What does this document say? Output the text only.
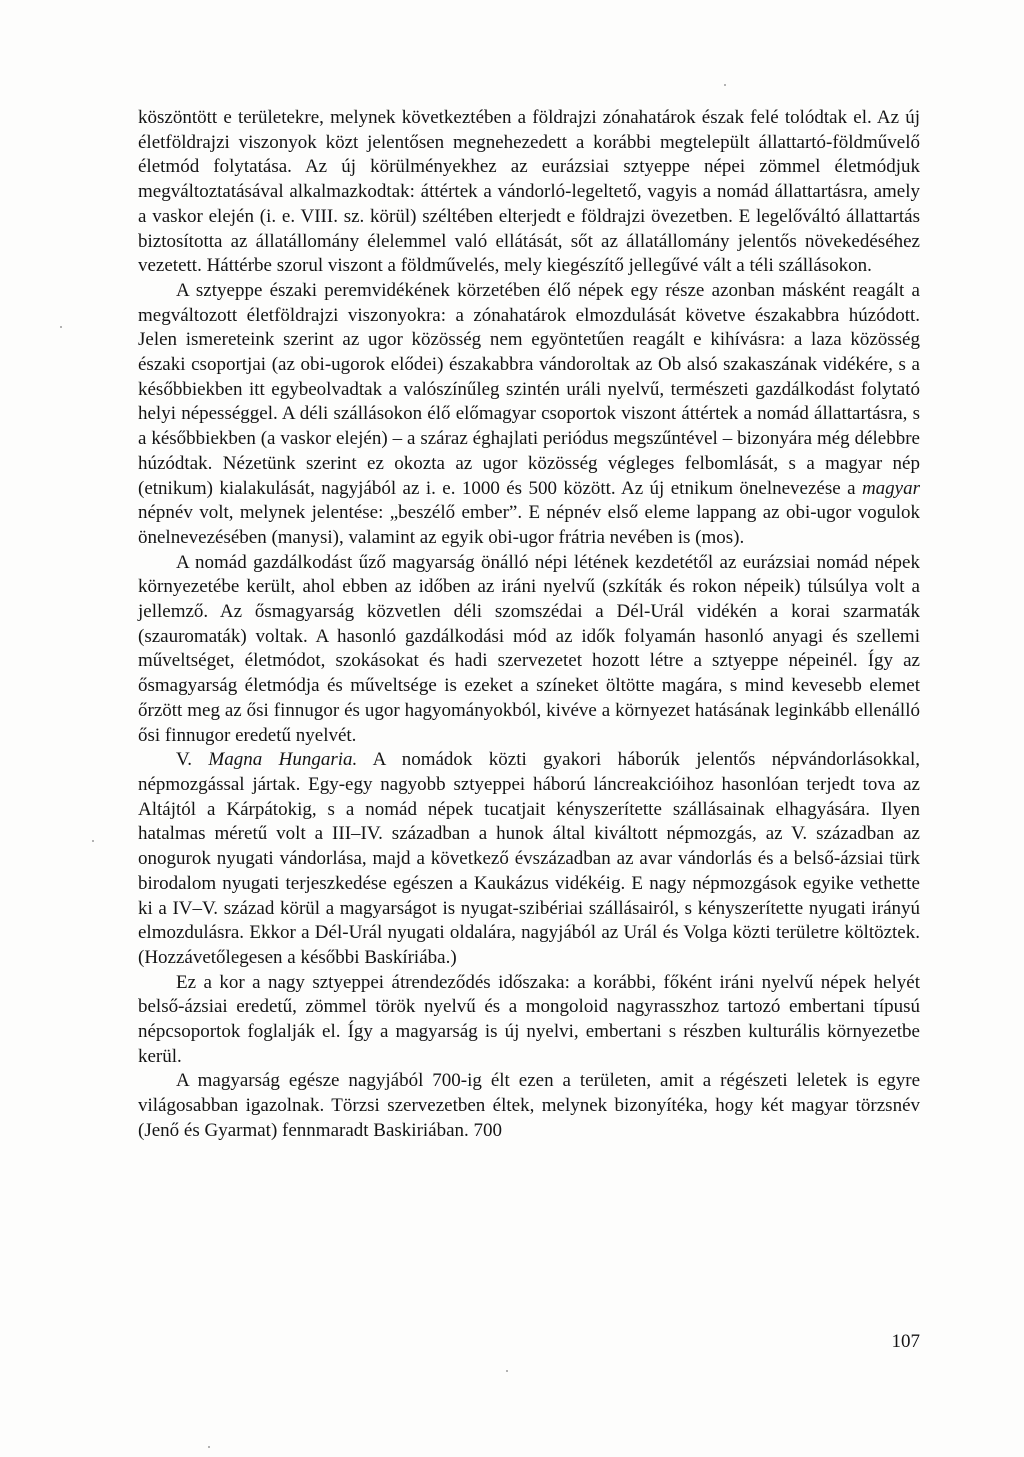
köszöntött e területekre, melynek következtében a földrajzi zónahatárok észak felé tolódtak el. Az új életföldrajzi viszonyok közt jelentősen megnehezedett a korábbi megtelepült állattartó-földművelő életmód folytatása. Az új körülményekhez az eurázsiai sztyeppe népei zömmel életmódjuk megváltoztatásával alkalmazkodtak: áttértek a vándorló-legeltető, vagyis a nomád állattartásra, amely a vaskor elején (i. e. VIII. sz. körül) széltében elterjedt e földrajzi övezetben. E legelőváltó állattartás biztosította az állatállomány élelemmel való ellátását, sőt az állatállomány jelentős növekedéséhez vezetett. Háttérbe szorul viszont a földművelés, mely kiegészítő jellegűvé vált a téli szállásokon.

A sztyeppe északi peremvidékének körzetében élő népek egy része azonban másként reagált a megváltozott életföldrajzi viszonyokra: a zónahatárok elmozdulását követve északabbra húzódott. Jelen ismereteink szerint az ugor közösség nem egyöntetűen reagált e kihívásra: a laza közösség északi csoportjai (az obi-ugorok elődei) északabbra vándoroltak az Ob alsó szakaszának vidékére, s a későbbiekben itt egybeolvadtak a valószínűleg szintén uráli nyelvű, természeti gazdálkodást folytató helyi népességgel. A déli szállásokon élő előmagyar csoportok viszont áttértek a nomád állattartásra, s a későbbiekben (a vaskor elején) – a száraz éghajlati periódus megszűntével – bizonyára még délebbre húzódtak. Nézetünk szerint ez okozta az ugor közösség végleges felbomlását, s a magyar nép (etnikum) kialakulását, nagyjából az i. e. 1000 és 500 között. Az új etnikum önelnevezése a magyar népnév volt, melynek jelentése: „beszélő ember”. E népnév első eleme lappang az obi-ugor vogulok önelnevezésében (manysi), valamint az egyik obi-ugor frátria nevében is (mos).

A nomád gazdálkodást űző magyarság önálló népi létének kezdetétől az eurázsiai nomád népek környezetébe került, ahol ebben az időben az iráni nyelvű (szkíták és rokon népeik) túlsúlya volt a jellemző. Az ősmagyarság közvetlen déli szomszédai a Dél-Urál vidékén a korai szarmaták (szauromaták) voltak. A hasonló gazdálkodási mód az idők folyamán hasonló anyagi és szellemi műveltséget, életmódot, szokásokat és hadi szervezetet hozott létre a sztyeppe népeinél. Így az ősmagyarság életmódja és műveltsége is ezeket a színeket öltötte magára, s mind kevesebb elemet őrzött meg az ősi finnugor és ugor hagyományokból, kivéve a környezet hatásának leginkább ellenálló ősi finnugor eredetű nyelvét.

V. Magna Hungaria. A nomádok közti gyakori háborúk jelentős népvándorlásokkal, népmozgással jártak. Egy-egy nagyobb sztyeppei háború láncreakcióihoz hasonlóan terjedt tova az Altájtól a Kárpátokig, s a nomád népek tucatjait kényszerítette szállásainak elhagyására. Ilyen hatalmas méretű volt a III–IV. században a hunok által kiváltott népmozgás, az V. században az onogurok nyugati vándorlása, majd a következő évszázadban az avar vándorlás és a belső-ázsiai türk birodalom nyugati terjeszkedése egészen a Kaukázus vidékéig. E nagy népmozgások egyike vethette ki a IV–V. század körül a magyarságot is nyugat-szibériai szállásairól, s kényszerítette nyugati irányú elmozdulásra. Ekkor a Dél-Urál nyugati oldalára, nagyjából az Urál és Volga közti területre költöztek. (Hozzávetőlegesen a későbbi Baskíriába.)

Ez a kor a nagy sztyeppei átrendeződés időszaka: a korábbi, főként iráni nyelvű népek helyét belső-ázsiai eredetű, zömmel török nyelvű és a mongoloid nagyrasszhoz tartozó embertani típusú népcsoportok foglalják el. Így a magyarság is új nyelvi, embertani s részben kulturális környezetbe kerül.

A magyarság egésze nagyjából 700-ig élt ezen a területen, amit a régészeti leletek is egyre világosabban igazolnak. Törzsi szervezetben éltek, melynek bizonyítéka, hogy két magyar törzsnév (Jenő és Gyarmat) fennmaradt Baskiriában. 700

107
